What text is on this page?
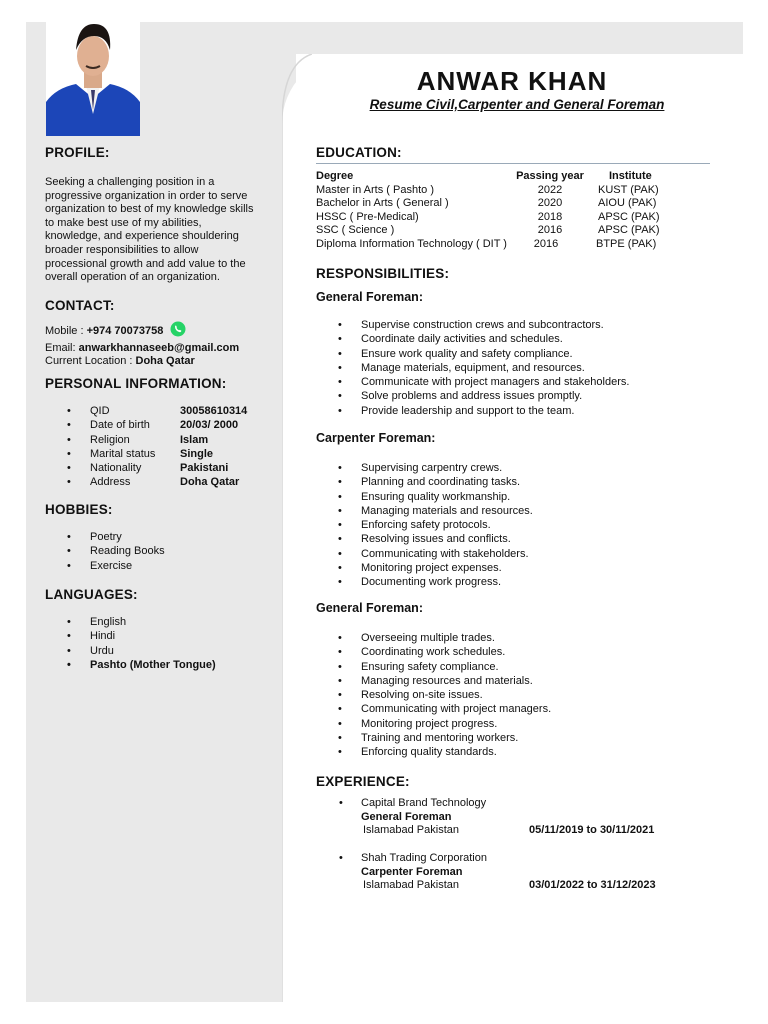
ANWAR KHAN
Resume Civil,Carpenter and General Foreman
PROFILE:
Seeking a challenging position in a progressive organization in order to serve organization to best of my knowledge skills to make best use of my abilities, knowledge, and experience shouldering broader responsibilities to allow processional growth and add value to the overall operation of an organization.
CONTACT:
Mobile : +974 70073758
Email: anwarkhannaseeb@gmail.com
Current Location : Doha Qatar
PERSONAL INFORMATION:
• QID	30058610314
• Date of birth	20/03/ 2000
• Religion	Islam
• Marital status Single
• Nationality	Pakistani
• Address	Doha Qatar
HOBBIES:
• Poetry
• Reading Books
• Exercise
LANGUAGES:
• English
• Hindi
• Urdu
• Pashto (Mother Tongue)
EDUCATION:
Degree	Passing year	Institute
Master in Arts ( Pashto )	2022	KUST (PAK)
Bachelor in Arts ( General )	2020	AIOU (PAK)
HSSC ( Pre-Medical)	2018	APSC (PAK)
SSC ( Science )	2016	APSC (PAK)
Diploma Information Technology ( DIT )	2016	BTPE (PAK)
RESPONSIBILITIES:
General Foreman:
• Supervise construction crews and subcontractors.
• Coordinate daily activities and schedules.
• Ensure work quality and safety compliance.
• Manage materials, equipment, and resources.
• Communicate with project managers and stakeholders.
• Solve problems and address issues promptly.
• Provide leadership and support to the team.
Carpenter Foreman:
• Supervising carpentry crews.
• Planning and coordinating tasks.
• Ensuring quality workmanship.
• Managing materials and resources.
• Enforcing safety protocols.
• Resolving issues and conflicts.
• Communicating with stakeholders.
• Monitoring project expenses.
• Documenting work progress.
General Foreman:
• Overseeing multiple trades.
• Coordinating work schedules.
• Ensuring safety compliance.
• Managing resources and materials.
• Resolving on-site issues.
• Communicating with project managers.
• Monitoring project progress.
• Training and mentoring workers.
• Enforcing quality standards.
EXPERIENCE:
• Capital Brand Technology
General Foreman
Islamabad Pakistan	05/11/2019 to 30/11/2021
• Shah Trading Corporation
Carpenter Foreman
Islamabad Pakistan	03/01/2022 to 31/12/2023
